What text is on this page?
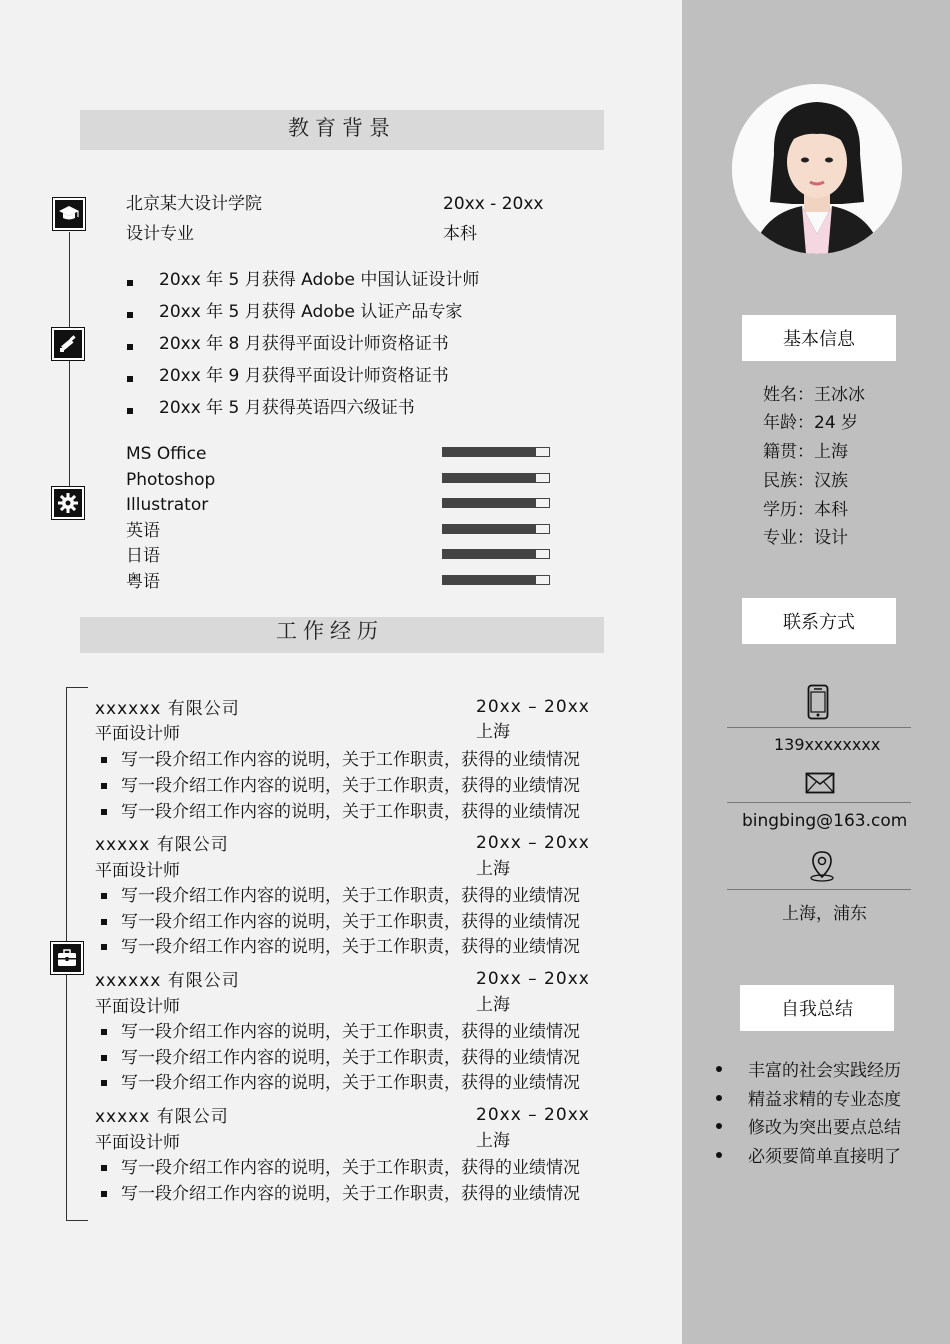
教育背景
北京某大设计学院	20xx - 20xx
设计专业	本科
20xx 年 5 月获得 Adobe 中国认证设计师
20xx 年 5 月获得 Adobe 认证产品专家
20xx 年 8 月获得平面设计师资格证书
20xx 年 9 月获得平面设计师资格证书
20xx 年 5 月获得英语四六级证书
MS Office
Photoshop
Illustrator
英语
日语
粤语
工作经历
xxxxxx 有限公司	20xx – 20xx
平面设计师	上海
写一段介绍工作内容的说明，关于工作职责，获得的业绩情况
写一段介绍工作内容的说明，关于工作职责，获得的业绩情况
写一段介绍工作内容的说明，关于工作职责，获得的业绩情况
xxxxx 有限公司	20xx – 20xx
平面设计师	上海
写一段介绍工作内容的说明，关于工作职责，获得的业绩情况
写一段介绍工作内容的说明，关于工作职责，获得的业绩情况
写一段介绍工作内容的说明，关于工作职责，获得的业绩情况
xxxxxx 有限公司	20xx – 20xx
平面设计师	上海
写一段介绍工作内容的说明，关于工作职责，获得的业绩情况
写一段介绍工作内容的说明，关于工作职责，获得的业绩情况
写一段介绍工作内容的说明，关于工作职责，获得的业绩情况
xxxxx 有限公司	20xx – 20xx
平面设计师	上海
写一段介绍工作内容的说明，关于工作职责，获得的业绩情况
写一段介绍工作内容的说明，关于工作职责，获得的业绩情况
基本信息
姓名：王冰冰
年龄：24 岁
籍贯：上海
民族：汉族
学历：本科
专业：设计
联系方式
139xxxxxxxx
bingbing@163.com
上海，浦东
自我总结
丰富的社会实践经历
精益求精的专业态度
修改为突出要点总结
必须要简单直接明了
